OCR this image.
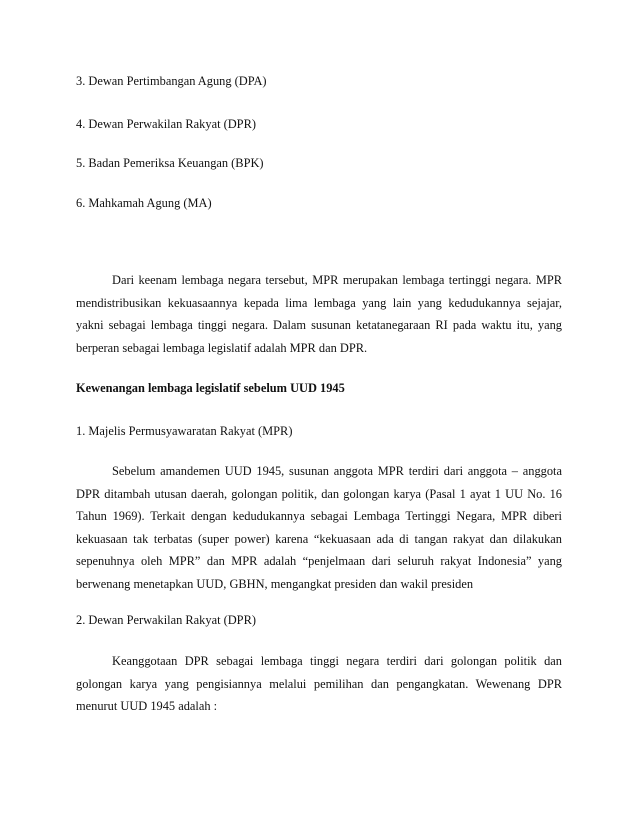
3. Dewan Pertimbangan Agung (DPA)
4. Dewan Perwakilan Rakyat (DPR)
5. Badan Pemeriksa Keuangan (BPK)
6. Mahkamah Agung (MA)

Dari keenam lembaga negara tersebut, MPR merupakan lembaga tertinggi negara. MPR mendistribusikan kekuasaannya kepada lima lembaga yang lain yang kedudukannya sejajar, yakni sebagai lembaga tinggi negara. Dalam susunan ketatanegaraan RI pada waktu itu, yang berperan sebagai lembaga legislatif adalah MPR dan DPR.

Kewenangan lembaga legislatif sebelum UUD 1945
1. Majelis Permusyawaratan Rakyat (MPR)

Sebelum amandemen UUD 1945, susunan anggota MPR terdiri dari anggota – anggota DPR ditambah utusan daerah, golongan politik, dan golongan karya (Pasal 1 ayat 1 UU No. 16 Tahun 1969). Terkait dengan kedudukannya sebagai Lembaga Tertinggi Negara, MPR diberi kekuasaan tak terbatas (super power) karena “kekuasaan ada di tangan rakyat dan dilakukan sepenuhnya oleh MPR” dan MPR adalah “penjelmaan dari seluruh rakyat Indonesia” yang berwenang menetapkan UUD, GBHN, mengangkat presiden dan wakil presiden

2. Dewan Perwakilan Rakyat (DPR)

Keanggotaan DPR sebagai lembaga tinggi negara terdiri dari golongan politik dan golongan karya yang pengisiannya melalui pemilihan dan pengangkatan. Wewenang DPR menurut UUD 1945 adalah :
